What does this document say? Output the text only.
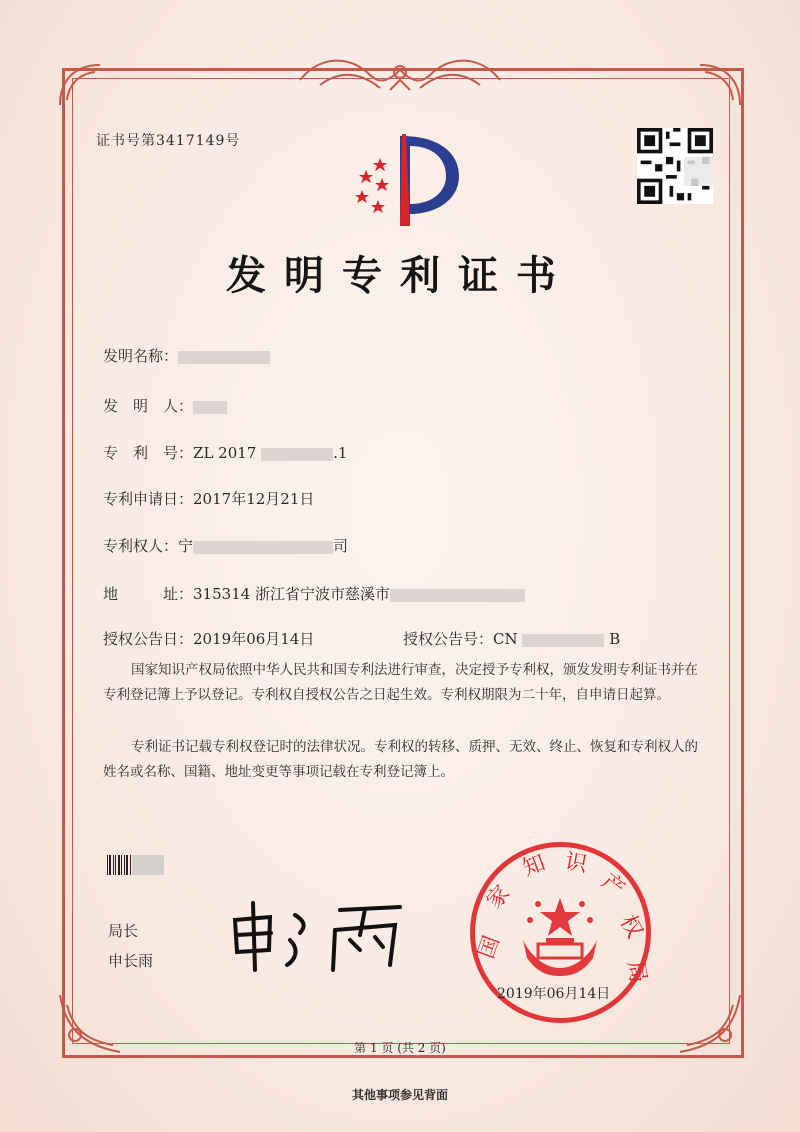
证书号第3417149号
发明专利证书
发明名称：
发　明　人：
专　利　号：ZL 2017	.1
专利申请日：2017年12月21日
专利权人：宁	司
地　　　址：315314 浙江省宁波市慈溪市
授权公告日：2019年06月14日	授权公告号：CN	B
国家知识产权局依照中华人民共和国专利法进行审查，决定授予专利权，颁发发明专利证书并在专利登记簿上予以登记。专利权自授权公告之日起生效。专利权期限为二十年，自申请日起算。
专利证书记载专利权登记时的法律状况。专利权的转移、质押、无效、终止、恢复和专利权人的姓名或名称、国籍、地址变更等事项记载在专利登记簿上。
局长
申长雨	国
家
知 识
产
权
局
2019年06月14日
第 1 页 (共 2 页)
其他事项参见背面
